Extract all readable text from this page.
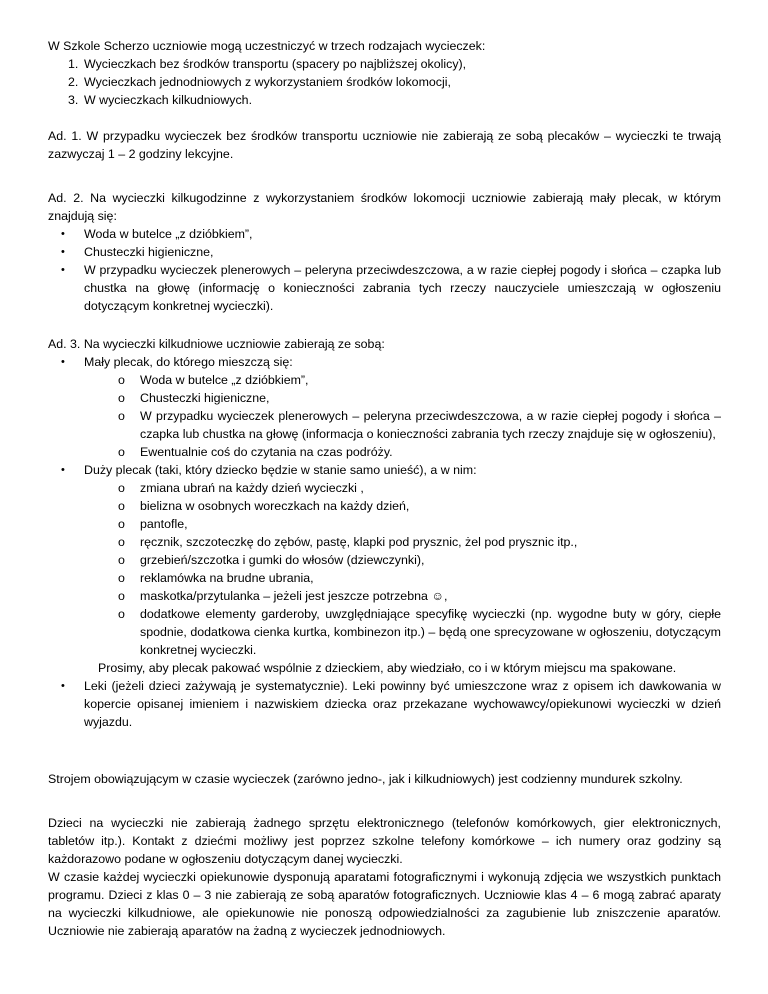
W Szkole Scherzo uczniowie mogą uczestniczyć w trzech rodzajach wycieczek:

1. Wycieczkach bez środków transportu (spacery po najbliższej okolicy),
2. Wycieczkach jednodniowych z wykorzystaniem środków lokomocji,
3. W wycieczkach kilkudniowych.

Ad. 1. W przypadku wycieczek bez środków transportu uczniowie nie zabierają ze sobą plecaków – wycieczki te trwają zazwyczaj 1 – 2 godziny lekcyjne.

Ad. 2. Na wycieczki kilkugodzinne z wykorzystaniem środków lokomocji uczniowie zabierają mały plecak, w którym znajdują się:

• Woda w butelce „z dzióbkiem”,
• Chusteczki higieniczne,
• W przypadku wycieczek plenerowych – peleryna przeciwdeszczowa, a w razie ciepłej pogody i słońca – czapka lub chustka na głowę (informację o konieczności zabrania tych rzeczy nauczyciele umieszczają w ogłoszeniu dotyczącym konkretnej wycieczki).

Ad. 3. Na wycieczki kilkudniowe uczniowie zabierają ze sobą:

• Mały plecak, do którego mieszczą się:
o Woda w butelce „z dzióbkiem”,
o Chusteczki higieniczne,
o W przypadku wycieczek plenerowych – peleryna przeciwdeszczowa, a w razie ciepłej pogody i słońca – czapka lub chustka na głowę (informacja o konieczności zabrania tych rzeczy znajduje się w ogłoszeniu),
o Ewentualnie coś do czytania na czas podróży.
• Duży plecak (taki, który dziecko będzie w stanie samo unieść), a w nim:
o zmiana ubrań na każdy dzień wycieczki ,
o bielizna w osobnych woreczkach na każdy dzień,
o pantofle,
o ręcznik, szczoteczkę do zębów, pastę, klapki pod prysznic, żel pod prysznic itp.,
o grzebień/szczotka i gumki do włosów (dziewczynki),
o reklamówka na brudne ubrania,
o maskotka/przytulanka – jeżeli jest jeszcze potrzebna ☺,
o dodatkowe elementy garderoby, uwzględniające specyfikę wycieczki (np. wygodne buty w góry, ciepłe spodnie, dodatkowa cienka kurtka, kombinezon itp.) – będą one sprecyzowane w ogłoszeniu, dotyczącym konkretnej wycieczki.

Prosimy, aby plecak pakować wspólnie z dzieckiem, aby wiedziało, co i w którym miejscu ma spakowane.

• Leki (jeżeli dzieci zażywają je systematycznie). Leki powinny być umieszczone wraz z opisem ich dawkowania w kopercie opisanej imieniem i nazwiskiem dziecka oraz przekazane wychowawcy/opiekunowi wycieczki w dzień wyjazdu.

Strojem obowiązującym w czasie wycieczek (zarówno jedno-, jak i kilkudniowych) jest codzienny mundurek szkolny.

Dzieci na wycieczki nie zabierają żadnego sprzętu elektronicznego (telefonów komórkowych, gier elektronicznych, tabletów itp.). Kontakt z dziećmi możliwy jest poprzez szkolne telefony komórkowe – ich numery oraz godziny są każdorazowo podane w ogłoszeniu dotyczącym danej wycieczki.

W czasie każdej wycieczki opiekunowie dysponują aparatami fotograficznymi i wykonują zdjęcia we wszystkich punktach programu. Dzieci z klas 0 – 3 nie zabierają ze sobą aparatów fotograficznych. Uczniowie klas 4 – 6 mogą zabrać aparaty na wycieczki kilkudniowe, ale opiekunowie nie ponoszą odpowiedzialności za zagubienie lub zniszczenie aparatów. Uczniowie nie zabierają aparatów na żadną z wycieczek jednodniowych.
